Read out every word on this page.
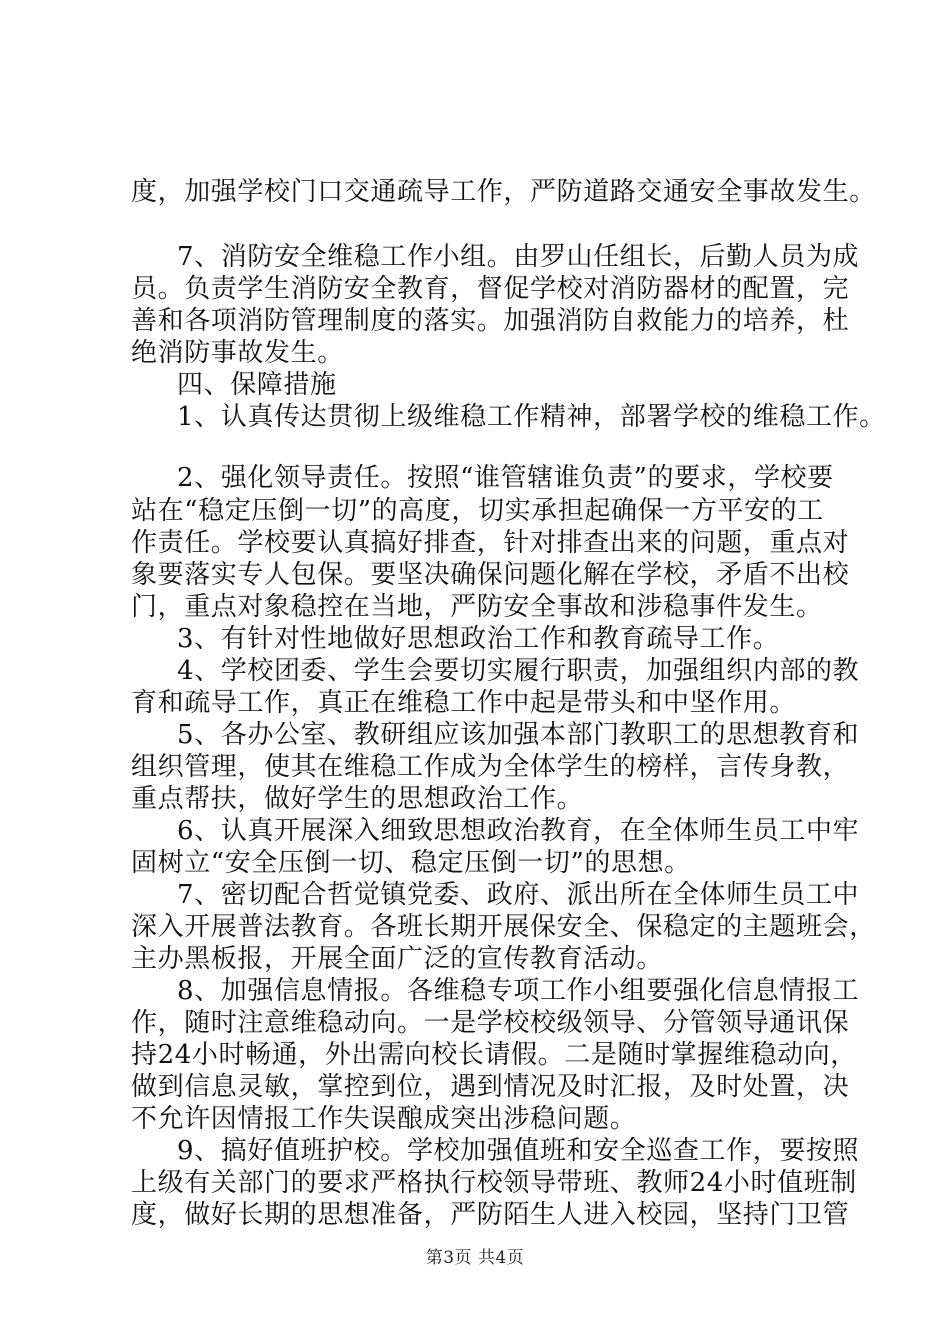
度，加强学校门口交通疏导工作，严防道路交通安全事故发生。
7、消防安全维稳工作小组。由罗山任组长，后勤人员为成
员。负责学生消防安全教育，督促学校对消防器材的配置，完
善和各项消防管理制度的落实。加强消防自救能力的培养，杜
绝消防事故发生。
四、保障措施
1、认真传达贯彻上级维稳工作精神，部署学校的维稳工作。
2、强化领导责任。按照“谁管辖谁负责”的要求，学校要
站在“稳定压倒一切”的高度，切实承担起确保一方平安的工
作责任。学校要认真搞好排查，针对排查出来的问题，重点对
象要落实专人包保。要坚决确保问题化解在学校，矛盾不出校
门，重点对象稳控在当地，严防安全事故和涉稳事件发生。
3、有针对性地做好思想政治工作和教育疏导工作。
4、学校团委、学生会要切实履行职责，加强组织内部的教
育和疏导工作，真正在维稳工作中起是带头和中坚作用。
5、各办公室、教研组应该加强本部门教职工的思想教育和
组织管理，使其在维稳工作成为全体学生的榜样，言传身教，
重点帮扶，做好学生的思想政治工作。
6、认真开展深入细致思想政治教育，在全体师生员工中牢
固树立“安全压倒一切、稳定压倒一切”的思想。
7、密切配合哲觉镇党委、政府、派出所在全体师生员工中
深入开展普法教育。各班长期开展保安全、保稳定的主题班会，
主办黑板报，开展全面广泛的宣传教育活动。
8、加强信息情报。各维稳专项工作小组要强化信息情报工
作，随时注意维稳动向。一是学校校级领导、分管领导通讯保
持24小时畅通，外出需向校长请假。二是随时掌握维稳动向，
做到信息灵敏，掌控到位，遇到情况及时汇报，及时处置，决
不允许因情报工作失误酿成突出涉稳问题。
9、搞好值班护校。学校加强值班和安全巡查工作，要按照
上级有关部门的要求严格执行校领导带班、教师24小时值班制
度，做好长期的思想准备，严防陌生人进入校园，坚持门卫管
第3页 共4页
